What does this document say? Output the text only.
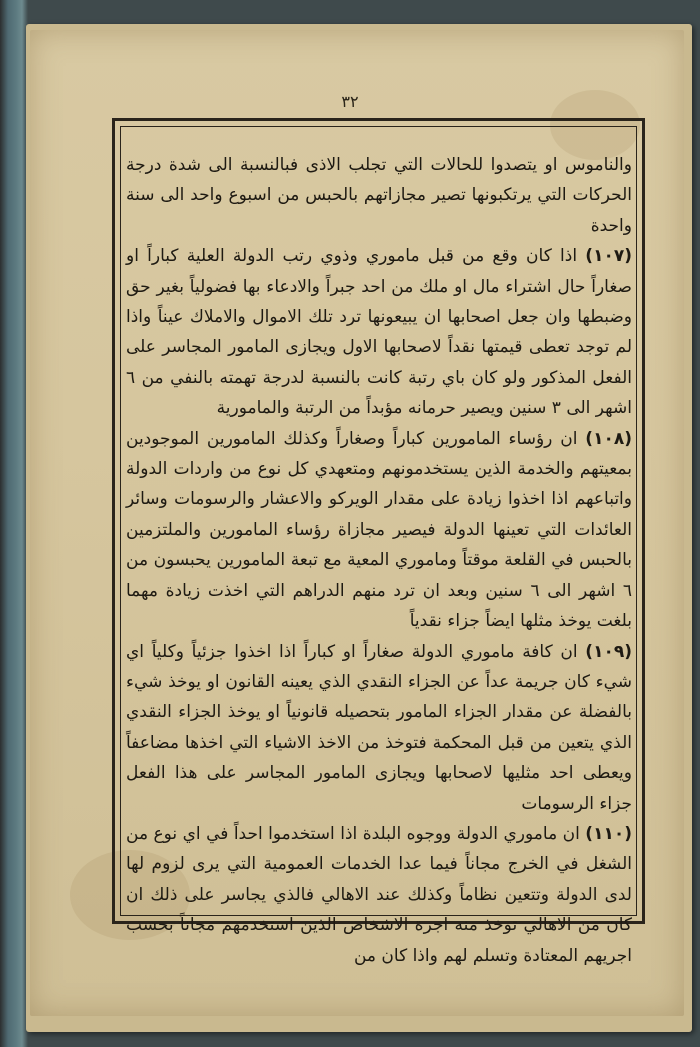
٣٢

والناموس او يتصدوا للحالات التي تجلب الاذى فبالنسبة الى شدة درجة الحركات التي يرتكبونها تصير مجازاتهم بالحبس من اسبوع واحد الى سنة واحدة

(١٠٧) اذا كان وقع من قبل ماموري وذوي رتب الدولة العلية كباراً او صغاراً حال اشتراء مال او ملك من احد جبراً والادعاء بها فضولياً بغير حق وضبطها وان جعل اصحابها ان يبيعونها ترد تلك الاموال والاملاك عيناً واذا لم توجد تعطى قيمتها نقداً لاصحابها الاول ويجازى المامور المجاسر على الفعل المذكور ولو كان باي رتبة كانت بالنسبة لدرجة تهمته بالنفي من ٦ اشهر الى ٣ سنين ويصير حرمانه مؤبداً من الرتبة والمامورية

(١٠٨) ان رؤساء المامورين كباراً وصغاراً وكذلك المامورين الموجودين بمعيتهم والخدمة الذين يستخدمونهم ومتعهدي كل نوع من واردات الدولة واتباعهم اذا اخذوا زيادة على مقدار الويركو والاعشار والرسومات وسائر العائدات التي تعينها الدولة فيصير مجازاة رؤساء المامورين والملتزمين بالحبس في القلعة موقتاً وماموري المعية مع تبعة المامورين يحبسون من ٦ اشهر الى ٦ سنين وبعد ان ترد منهم الدراهم التي اخذت زيادة مهما بلغت يوخذ مثلها ايضاً جزاء نقدياً

(١٠٩) ان كافة ماموري الدولة صغاراً او كباراً اذا اخذوا جزئياً وكلياً اي شيء كان جريمة عداً عن الجزاء النقدي الذي يعينه القانون او يوخذ شيء بالفضلة عن مقدار الجزاء المامور بتحصيله قانونياً او يوخذ الجزاء النقدي الذي يتعين من قبل المحكمة فتوخذ من الاخذ الاشياء التي اخذها مضاعفاً ويعطى احد مثليها لاصحابها ويجازى المامور المجاسر على هذا الفعل جزاء الرسومات

(١١٠) ان ماموري الدولة ووجوه البلدة اذا استخدموا احداً في اي نوع من الشغل في الخرج مجاناً فيما عدا الخدمات العمومية التي يرى لزوم لها لدى الدولة وتتعين نظاماً وكذلك عند الاهالي فالذي يجاسر على ذلك ان كان من الاهالي توخذ منه اجرة الاشخاص الذين استخدمهم مجاناً بحسب اجريهم المعتادة وتسلم لهم واذا كان من
